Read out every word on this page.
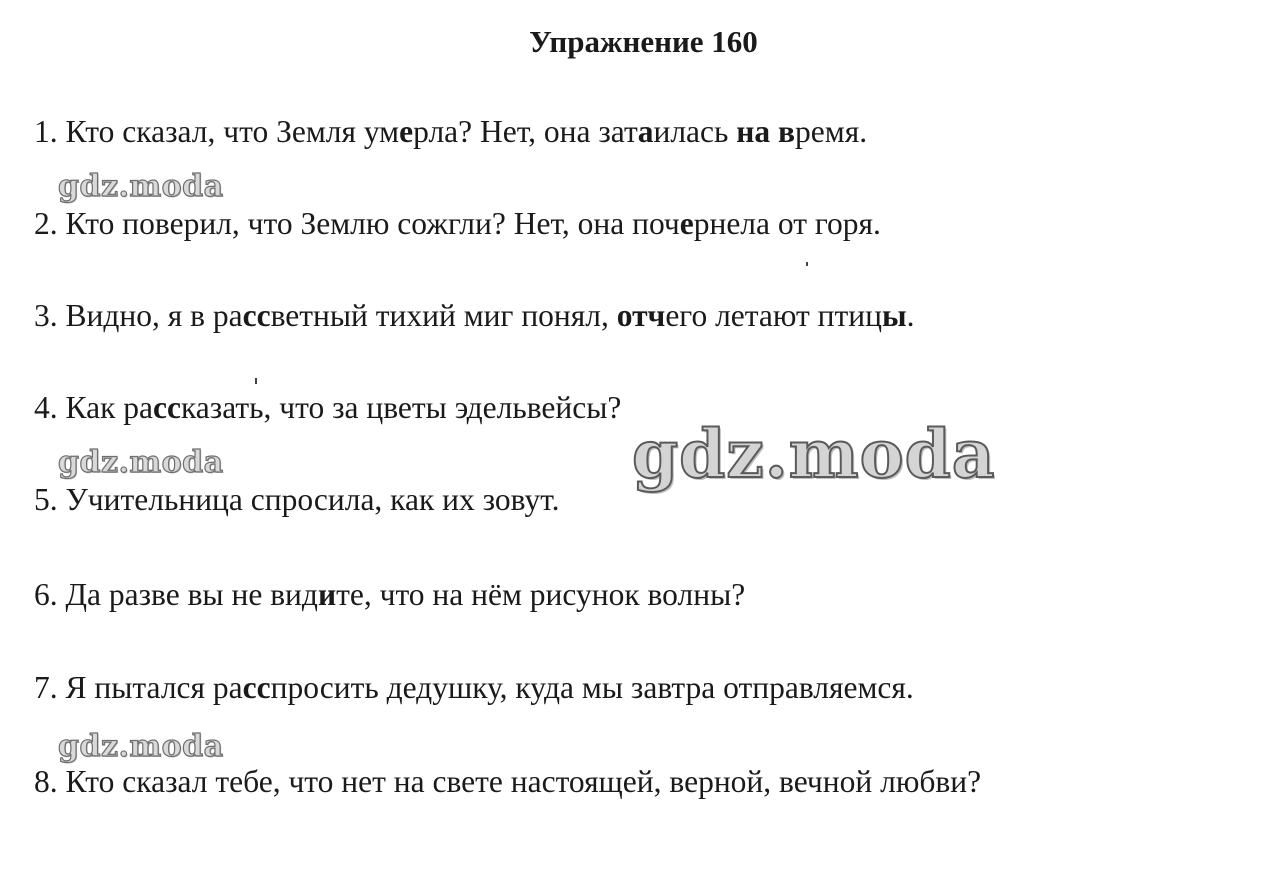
Упражнение 160
1. Кто сказал, что Земля умерла? Нет, она затаилась на время.
2. Кто поверил, что Землю сожгли? Нет, она почернела от горя.
3. Видно, я в рассветный тихий миг понял, отчего летают птицы.
4. Как рассказать, что за цветы эдельвейсы?
5. Учительница спросила, как их зовут.
6. Да разве вы не видите, что на нём рисунок волны?
7. Я пытался расспросить дедушку, куда мы завтра отправляемся.
8. Кто сказал тебе, что нет на свете настоящей, верной, вечной любви?
gdz.moda
gdz.moda
gdz.moda
gdz.moda
